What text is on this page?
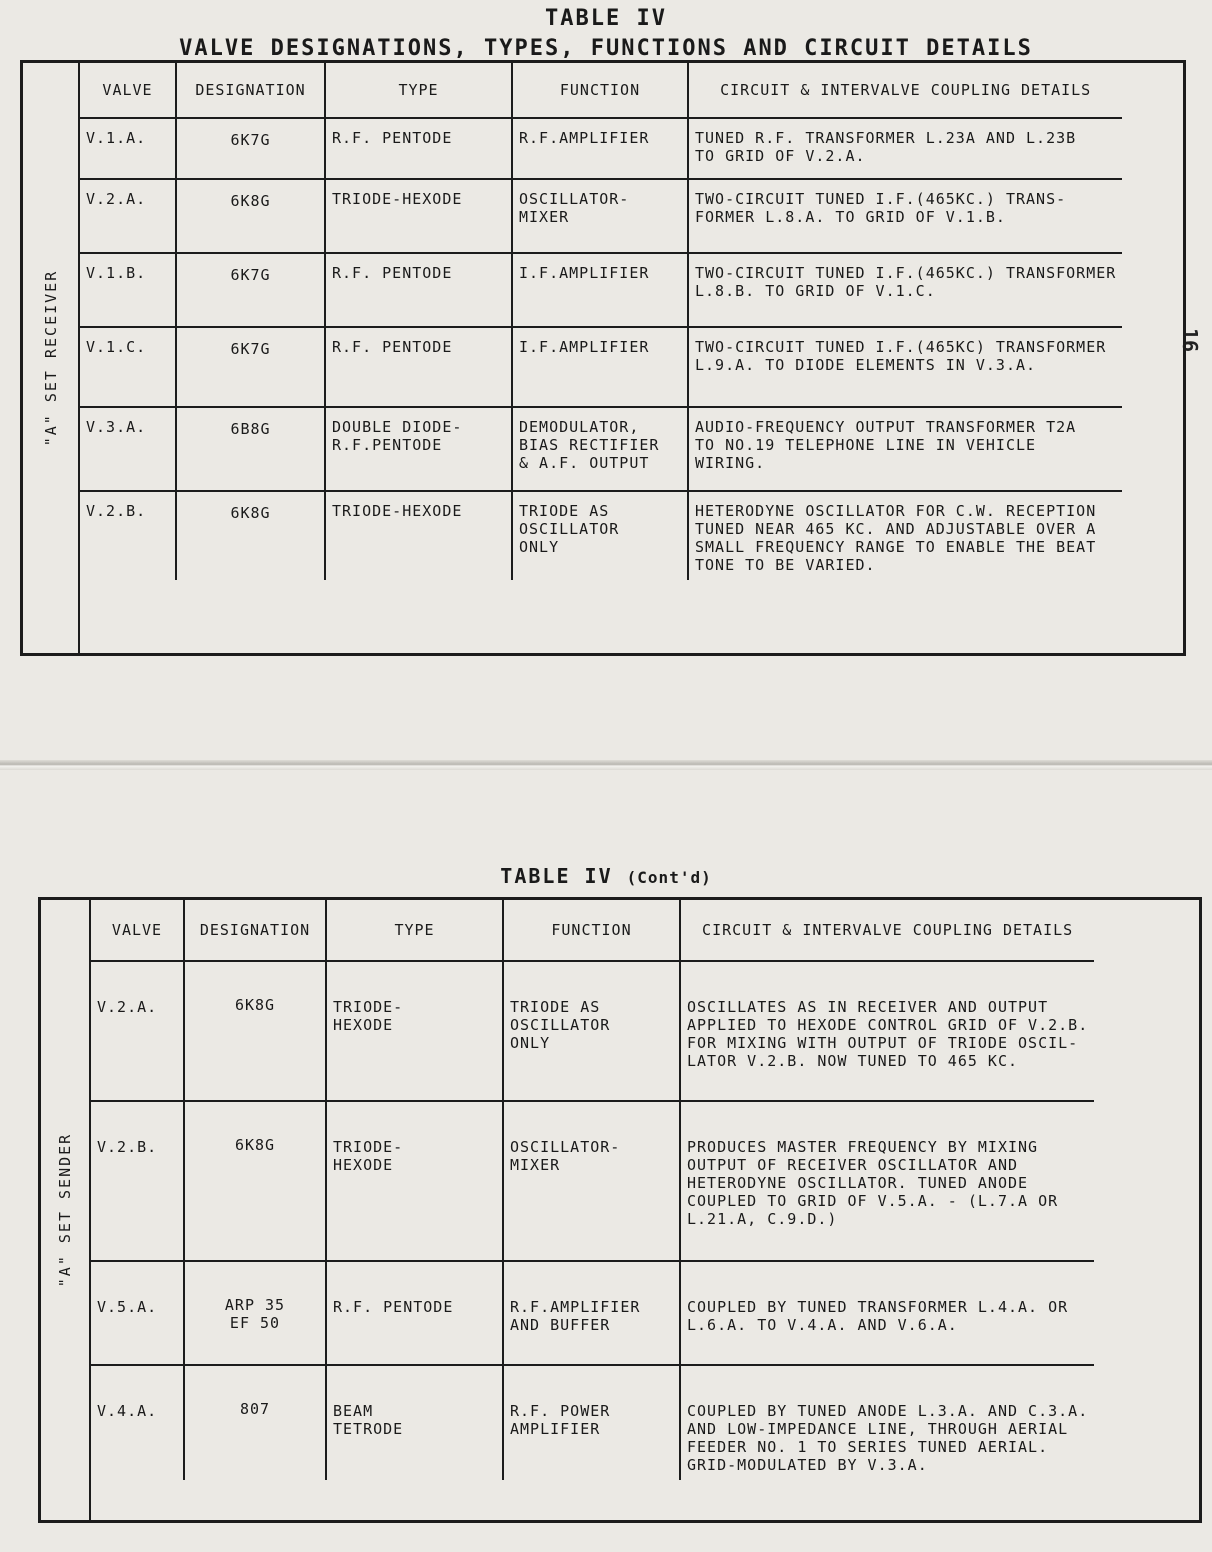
TABLE IV
VALVE DESIGNATIONS, TYPES, FUNCTIONS AND CIRCUIT DETAILS
16
"A" SET RECEIVER
VALVE	DESIGNATION	TYPE	FUNCTION	CIRCUIT & INTERVALVE COUPLING DETAILS

V.1.A.	6K7G	R.F. PENTODE	R.F.AMPLIFIER	TUNED R.F. TRANSFORMER L.23A AND L.23B
TO GRID OF V.2.A.

V.2.A.	6K8G	TRIODE-HEXODE	OSCILLATOR-
MIXER	TWO-CIRCUIT TUNED I.F.(465KC.) TRANS-
FORMER L.8.A. TO GRID OF V.1.B.

V.1.B.	6K7G	R.F. PENTODE	I.F.AMPLIFIER	TWO-CIRCUIT TUNED I.F.(465KC.) TRANSFORMER
L.8.B. TO GRID OF V.1.C.

V.1.C.	6K7G	R.F. PENTODE	I.F.AMPLIFIER	TWO-CIRCUIT TUNED I.F.(465KC) TRANSFORMER
L.9.A. TO DIODE ELEMENTS IN V.3.A.

V.3.A.	6B8G	DOUBLE DIODE-
R.F.PENTODE	DEMODULATOR,
BIAS RECTIFIER
& A.F. OUTPUT	AUDIO-FREQUENCY OUTPUT TRANSFORMER T2A
TO NO.19 TELEPHONE LINE IN VEHICLE
WIRING.

V.2.B.	6K8G	TRIODE-HEXODE	TRIODE AS
OSCILLATOR
ONLY	HETERODYNE OSCILLATOR FOR C.W. RECEPTION
TUNED NEAR 465 KC. AND ADJUSTABLE OVER A
SMALL FREQUENCY RANGE TO ENABLE THE BEAT
TONE TO BE VARIED.
TABLE IV (Cont'd)
"A" SET SENDER
VALVE	DESIGNATION	TYPE	FUNCTION	CIRCUIT & INTERVALVE COUPLING DETAILS

V.2.A.	6K8G	TRIODE-
HEXODE	TRIODE AS
OSCILLATOR
ONLY	OSCILLATES AS IN RECEIVER AND OUTPUT
APPLIED TO HEXODE CONTROL GRID OF V.2.B.
FOR MIXING WITH OUTPUT OF TRIODE OSCIL-
LATOR V.2.B. NOW TUNED TO 465 KC.

V.2.B.	6K8G	TRIODE-
HEXODE	OSCILLATOR-
MIXER	PRODUCES MASTER FREQUENCY BY MIXING
OUTPUT OF RECEIVER OSCILLATOR AND
HETERODYNE OSCILLATOR. TUNED ANODE
COUPLED TO GRID OF V.5.A. - (L.7.A OR
L.21.A, C.9.D.)

V.5.A.	ARP 35
EF 50	R.F. PENTODE	R.F.AMPLIFIER
AND BUFFER	COUPLED BY TUNED TRANSFORMER L.4.A. OR
L.6.A. TO V.4.A. AND V.6.A.

V.4.A.	807	BEAM
TETRODE	R.F. POWER
AMPLIFIER	COUPLED BY TUNED ANODE L.3.A. AND C.3.A.
AND LOW-IMPEDANCE LINE, THROUGH AERIAL
FEEDER NO. 1 TO SERIES TUNED AERIAL.
GRID-MODULATED BY V.3.A.
